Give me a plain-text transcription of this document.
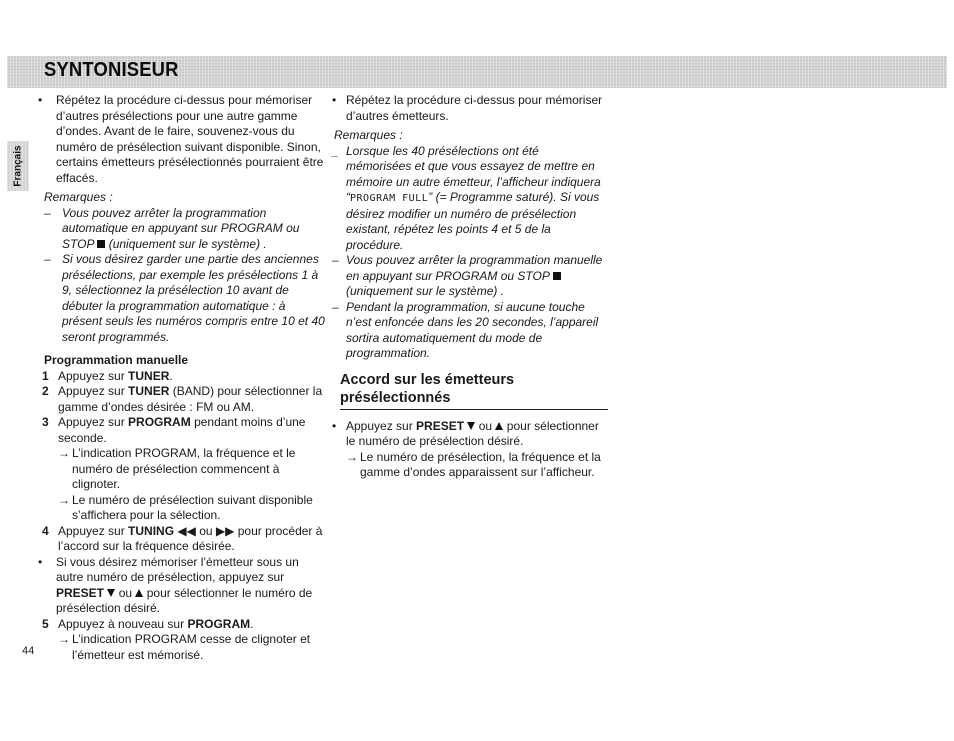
SYNTONISEUR
Français
•	Répétez la procédure ci-dessus pour mémoriser d’autres présélections pour une autre gamme d’ondes. Avant de le faire, souvenez-vous du numéro de présélection suivant disponible. Sinon, certains émetteurs présélectionnés pourraient être effacés.
Remarques :
– Vous pouvez arrêter la programmation automatique en appuyant sur PROGRAM ou STOP (uniquement sur le système) .
– Si vous désirez garder une partie des anciennes présélections, par exemple les présélections 1 à 9, sélectionnez la présélection 10 avant de débuter la programmation automatique : à présent seuls les numéros compris entre 10 et 40 seront programmés.
Programmation manuelle
1 Appuyez sur TUNER.
2 Appuyez sur TUNER (BAND) pour sélectionner la gamme d’ondes désirée : FM ou AM.
3 Appuyez sur PROGRAM pendant moins d’une seconde.
→ L’indication PROGRAM, la fréquence et le numéro de présélection commencent à clignoter.
→ Le numéro de présélection suivant disponible s’affichera pour la sélection.
4 Appuyez sur TUNING ◀◀ ou ▶▶ pour procéder à l’accord sur la fréquence désirée.
•	Si vous désirez mémoriser l’émetteur sous un autre numéro de présélection, appuyez sur PRESET ou pour sélectionner le numéro de présélection désiré.
5 Appuyez à nouveau sur PROGRAM.
→ L’indication PROGRAM cesse de clignoter et l’émetteur est mémorisé.
• Répétez la procédure ci-dessus pour mémoriser d’autres émetteurs.
Remarques :
_ Lorsque les 40 présélections ont été mémorisées et que vous essayez de mettre en mémoire un autre émetteur, l’afficheur indiquera “PROGRAM FULL” (= Programme saturé). Si vous désirez modifier un numéro de présélection existant, répétez les points 4 et 5 de la procédure.
– Vous pouvez arrêter la programmation manuelle en appuyant sur PROGRAM ou STOP  (uniquement sur le système) .
– Pendant la programmation, si aucune touche n’est enfoncée dans les 20 secondes, l’appareil sortira automatiquement du mode de programmation.
Accord sur les émetteurs
présélectionnés
• Appuyez sur PRESET ou pour sélectionner le numéro de présélection désiré.
→ Le numéro de présélection, la fréquence et la gamme d’ondes apparaissent sur l’afficheur.
44
